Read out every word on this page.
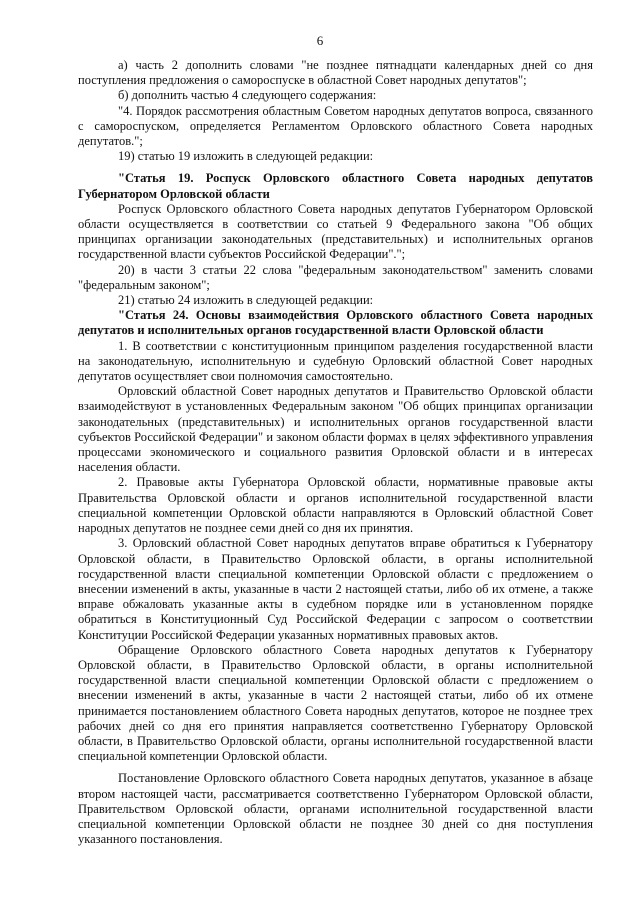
6

а) часть 2 дополнить словами "не позднее пятнадцати календарных дней со дня поступления предложения о самороспуске в областной Совет народных депутатов";

б) дополнить частью 4 следующего содержания:

"4. Порядок рассмотрения областным Советом народных депутатов вопроса, связанного с самороспуском, определяется Регламентом Орловского областного Совета народных депутатов.";

19) статью 19 изложить в следующей редакции:

"Статья 19. Роспуск Орловского областного Совета народных депутатов Губернатором Орловской области

Роспуск Орловского областного Совета народных депутатов Губернатором Орловской области осуществляется в соответствии со статьей 9 Федерального закона "Об общих принципах организации законодательных (представительных) и исполнительных органов государственной власти субъектов Российской Федерации".";

20) в части 3 статьи 22 слова "федеральным законодательством" заменить словами "федеральным законом";

21) статью 24 изложить в следующей редакции:

"Статья 24. Основы взаимодействия Орловского областного Совета народных депутатов и исполнительных органов государственной власти Орловской области

1. В соответствии с конституционным принципом разделения государственной власти на законодательную, исполнительную и судебную Орловский областной Совет народных депутатов осуществляет свои полномочия самостоятельно.

Орловский областной Совет народных депутатов и Правительство Орловской области взаимодействуют в установленных Федеральным законом "Об общих принципах организации законодательных (представительных) и исполнительных органов государственной власти субъектов Российской Федерации" и законом области формах в целях эффективного управления процессами экономического и социального развития Орловской области и в интересах населения области.

2. Правовые акты Губернатора Орловской области, нормативные правовые акты Правительства Орловской области и органов исполнительной государственной власти специальной компетенции Орловской области направляются в Орловский областной Совет народных депутатов не позднее семи дней со дня их принятия.

3. Орловский областной Совет народных депутатов вправе обратиться к Губернатору Орловской области, в Правительство Орловской области, в органы исполнительной государственной власти специальной компетенции Орловской области с предложением о внесении изменений в акты, указанные в части 2 настоящей статьи, либо об их отмене, а также вправе обжаловать указанные акты в судебном порядке или в установленном порядке обратиться в Конституционный Суд Российской Федерации с запросом о соответствии Конституции Российской Федерации указанных нормативных правовых актов.

Обращение Орловского областного Совета народных депутатов к Губернатору Орловской области, в Правительство Орловской области, в органы исполнительной государственной власти специальной компетенции Орловской области с предложением о внесении изменений в акты, указанные в части 2 настоящей статьи, либо об их отмене принимается постановлением областного Совета народных депутатов, которое не позднее трех рабочих дней со дня его принятия направляется соответственно Губернатору Орловской области, в Правительство Орловской области, органы исполнительной государственной власти специальной компетенции Орловской области.

Постановление Орловского областного Совета народных депутатов, указанное в абзаце втором настоящей части, рассматривается соответственно Губернатором Орловской области, Правительством Орловской области, органами исполнительной государственной власти специальной компетенции Орловской области не позднее 30 дней со дня поступления указанного постановления.
